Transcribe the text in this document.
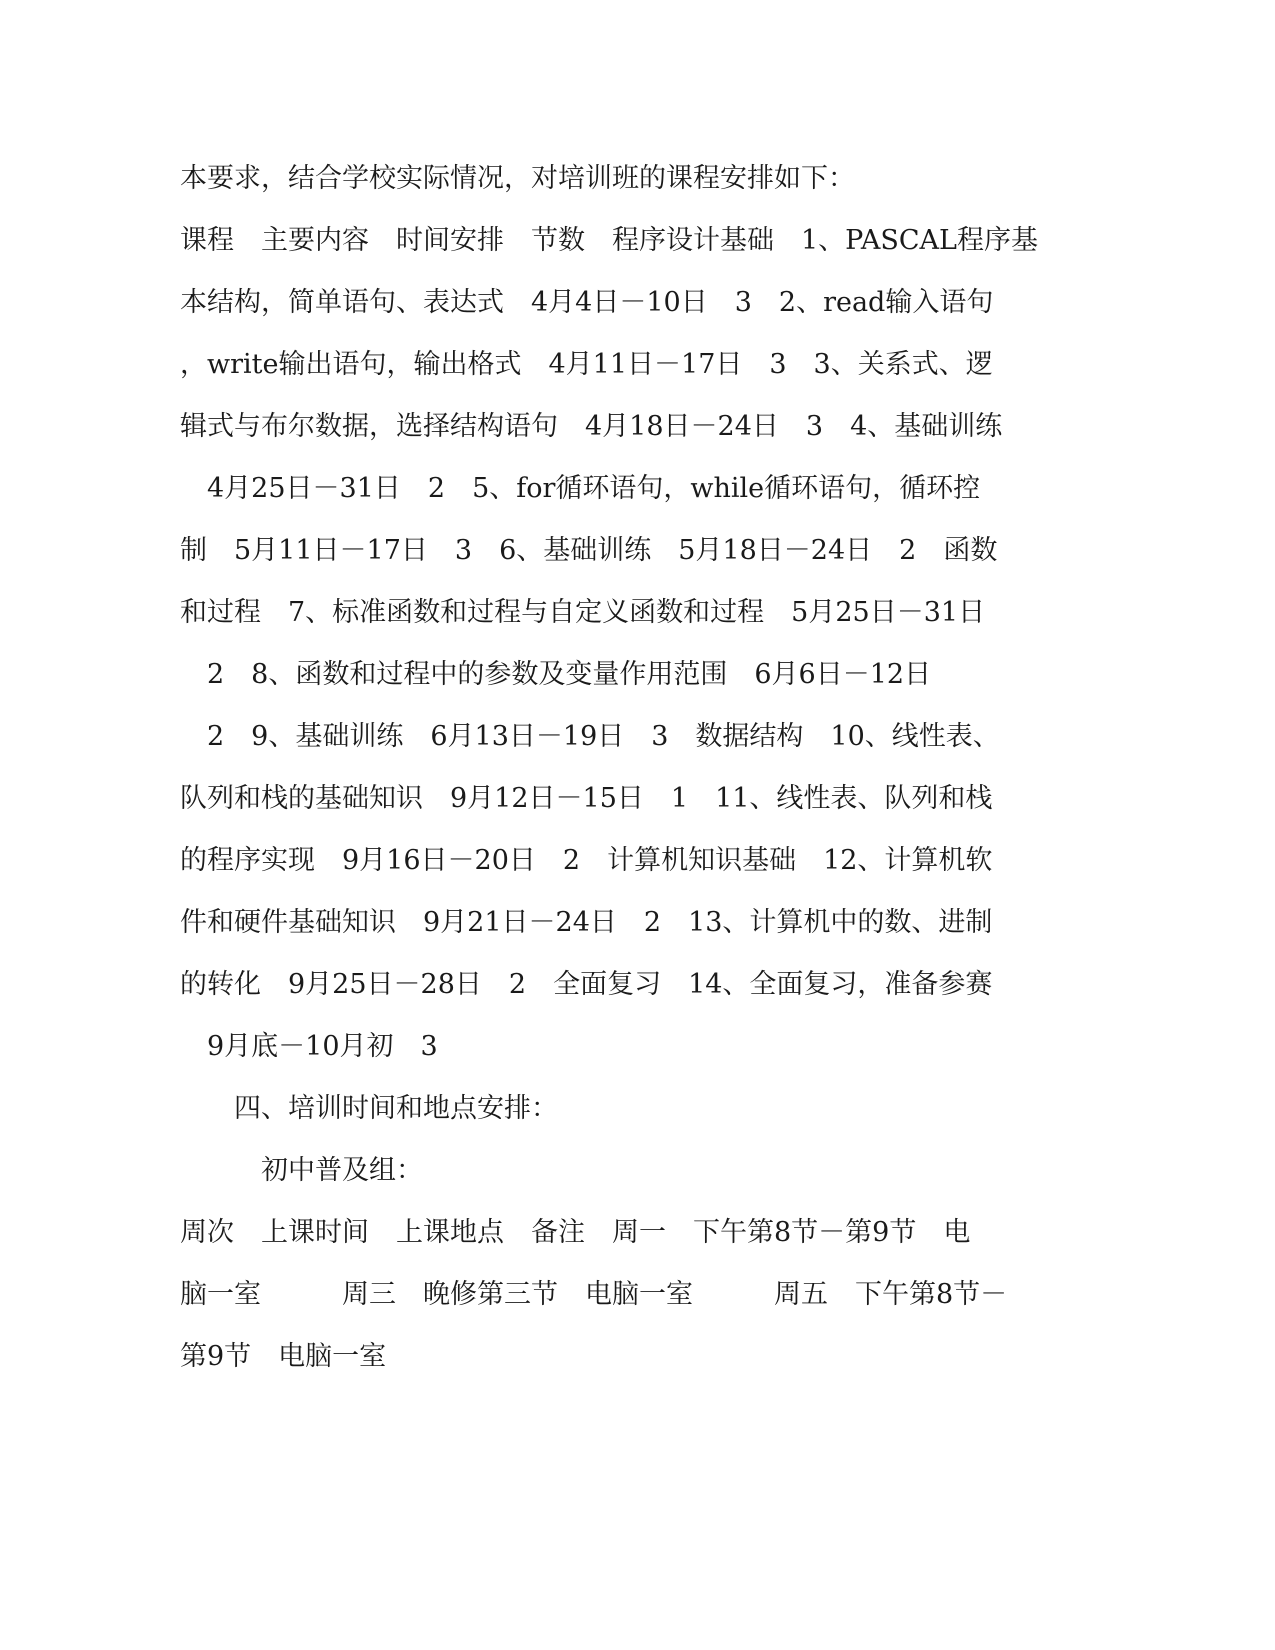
本要求，结合学校实际情况，对培训班的课程安排如下：
课程　主要内容　时间安排　节数　程序设计基础　1、PASCAL程序基
本结构，简单语句、表达式　4月4日－10日　3　2、read输入语句
，write输出语句，输出格式　4月11日－17日　3　3、关系式、逻
辑式与布尔数据，选择结构语句　4月18日－24日　3　4、基础训练
　4月25日－31日　2　5、for循环语句，while循环语句，循环控
制　5月11日－17日　3　6、基础训练　5月18日－24日　2　函数
和过程　7、标准函数和过程与自定义函数和过程　5月25日－31日
　2　8、函数和过程中的参数及变量作用范围　6月6日－12日
　2　9、基础训练　6月13日－19日　3　数据结构　10、线性表、
队列和栈的基础知识　9月12日－15日　1　11、线性表、队列和栈
的程序实现　9月16日－20日　2　计算机知识基础　12、计算机软
件和硬件基础知识　9月21日－24日　2　13、计算机中的数、进制
的转化　9月25日－28日　2　全面复习　14、全面复习，准备参赛
　9月底－10月初　3
　　四、培训时间和地点安排：
　　　初中普及组：
周次　上课时间　上课地点　备注　周一　下午第8节－第9节　电
脑一室　　　周三　晚修第三节　电脑一室　　　周五　下午第8节－
第9节　电脑一室
